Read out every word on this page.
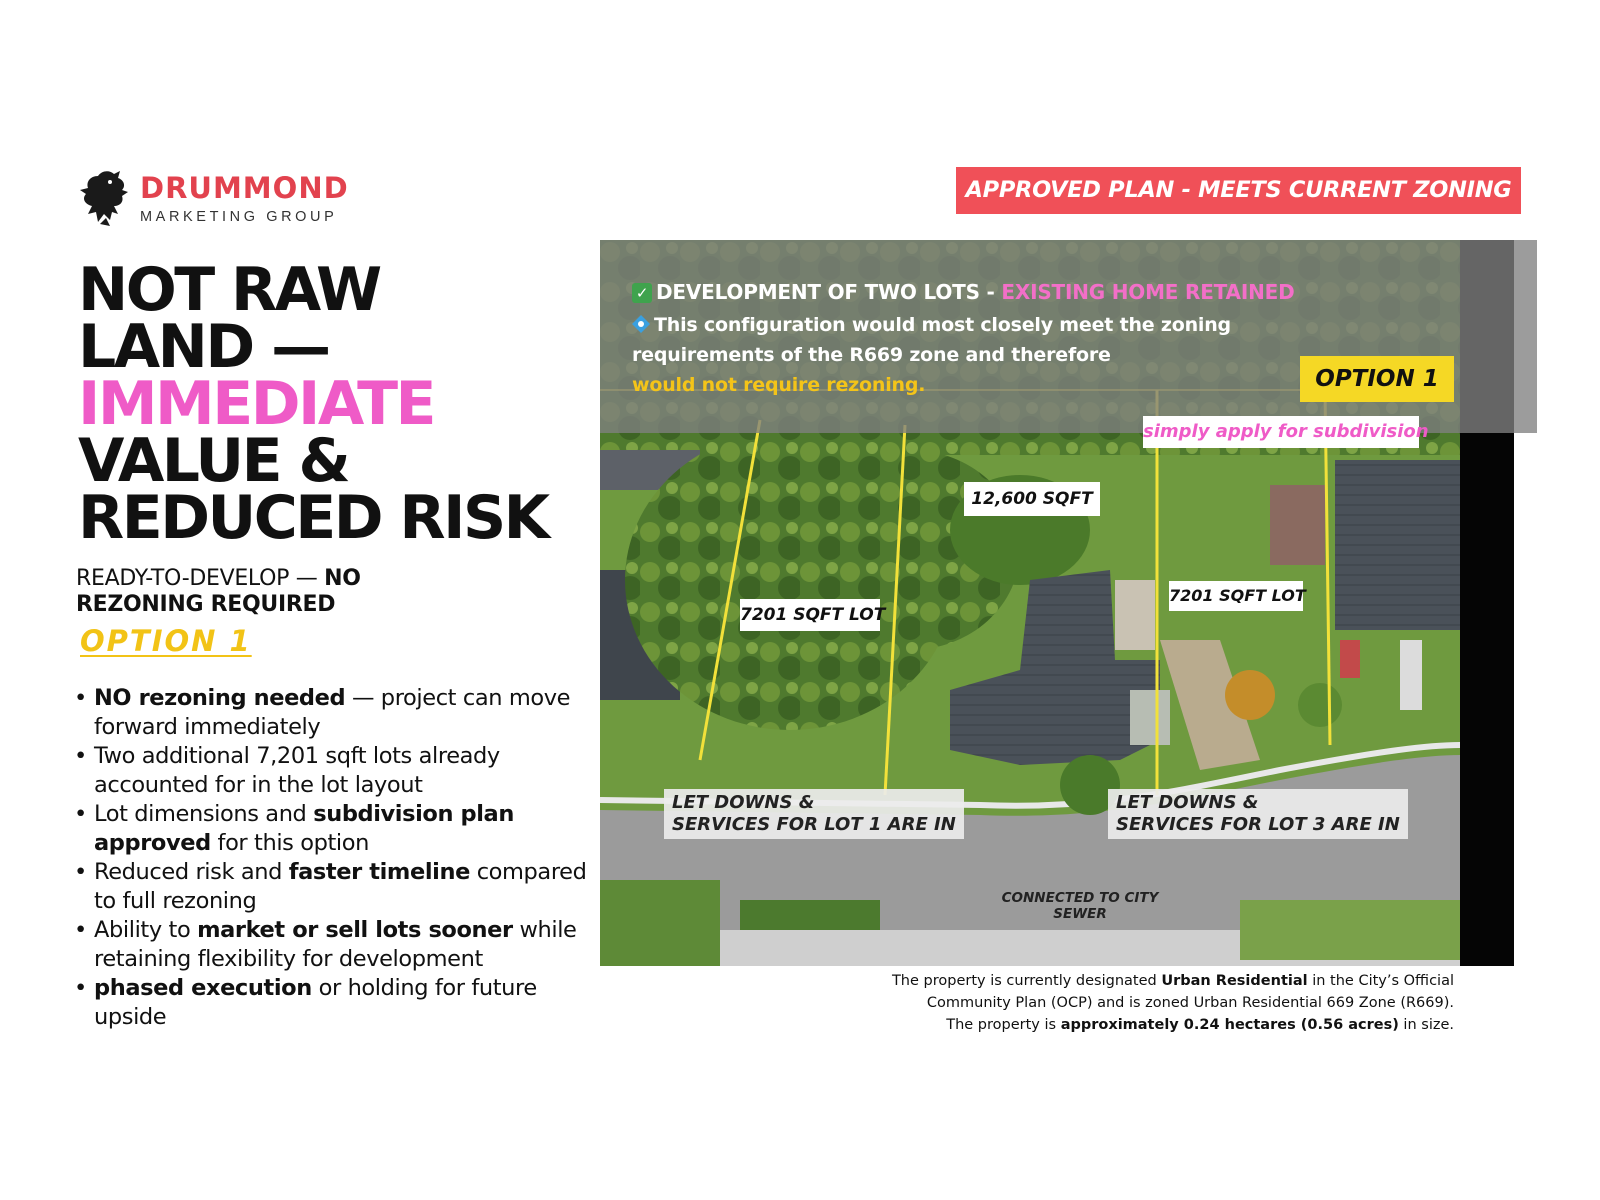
DRUMMOND
MARKETING GROUP
NOT RAW
LAND —
IMMEDIATE
VALUE &
REDUCED RISK
READY-TO-DEVELOP — NO
REZONING REQUIRED
OPTION 1
• NO rezoning needed — project can move forward immediately
• Two additional 7,201 sqft lots already accounted for in the lot layout
• Lot dimensions and subdivision plan
approved for this option
• Reduced risk and faster timeline compared to full rezoning
• Ability to market or sell lots sooner while retaining flexibility for development
• phased execution or holding for future upside
APPROVED PLAN - MEETS CURRENT ZONING
✓ DEVELOPMENT OF TWO LOTS - EXISTING HOME RETAINED
This configuration would most closely meet the zoning
requirements of the R669 zone and therefore
would not require rezoning.	OPTION 1
simply apply for subdivision
12,600 SQFT
7201 SQFT LOT
7201 SQFT LOT
LET DOWNS &
SERVICES FOR LOT 1 ARE IN
LET DOWNS &
SERVICES FOR LOT 3 ARE IN
CONNECTED TO CITY SEWER
The property is currently designated Urban Residential in the City’s Official
Community Plan (OCP) and is zoned Urban Residential 669 Zone (R669).
The property is approximately 0.24 hectares (0.56 acres) in size.
